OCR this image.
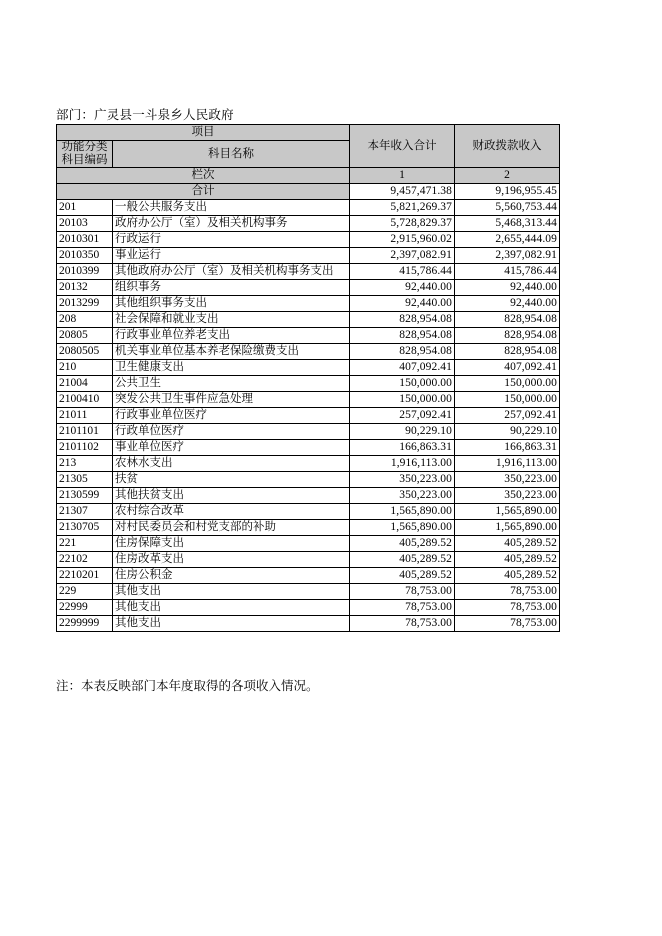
部门：广灵县一斗泉乡人民政府
项目		本年收入合计	财政拨款收入

功能分类
科目编码	科目名称		
栏次		1	2
合计		9,457,471.38	9,196,955.45
201	一般公共服务支出	5,821,269.37	5,560,753.44
20103	政府办公厅（室）及相关机构事务	5,728,829.37	5,468,313.44
2010301	行政运行	2,915,960.02	2,655,444.09
2010350	事业运行	2,397,082.91	2,397,082.91
2010399	其他政府办公厅（室）及相关机构事务支出	415,786.44	415,786.44
20132	组织事务	92,440.00	92,440.00
2013299	其他组织事务支出	92,440.00	92,440.00
208	社会保障和就业支出	828,954.08	828,954.08
20805	行政事业单位养老支出	828,954.08	828,954.08
2080505	机关事业单位基本养老保险缴费支出	828,954.08	828,954.08
210	卫生健康支出	407,092.41	407,092.41
21004	公共卫生	150,000.00	150,000.00
2100410	突发公共卫生事件应急处理	150,000.00	150,000.00
21011	行政事业单位医疗	257,092.41	257,092.41
2101101	行政单位医疗	90,229.10	90,229.10
2101102	事业单位医疗	166,863.31	166,863.31
213	农林水支出	1,916,113.00	1,916,113.00
21305	扶贫	350,223.00	350,223.00
2130599	其他扶贫支出	350,223.00	350,223.00
21307	农村综合改革	1,565,890.00	1,565,890.00
2130705	对村民委员会和村党支部的补助	1,565,890.00	1,565,890.00
221	住房保障支出	405,289.52	405,289.52
22102	住房改革支出	405,289.52	405,289.52
2210201	住房公积金	405,289.52	405,289.52
229	其他支出	78,753.00	78,753.00
22999	其他支出	78,753.00	78,753.00
2299999	其他支出	78,753.00	78,753.00
注：本表反映部门本年度取得的各项收入情况。
